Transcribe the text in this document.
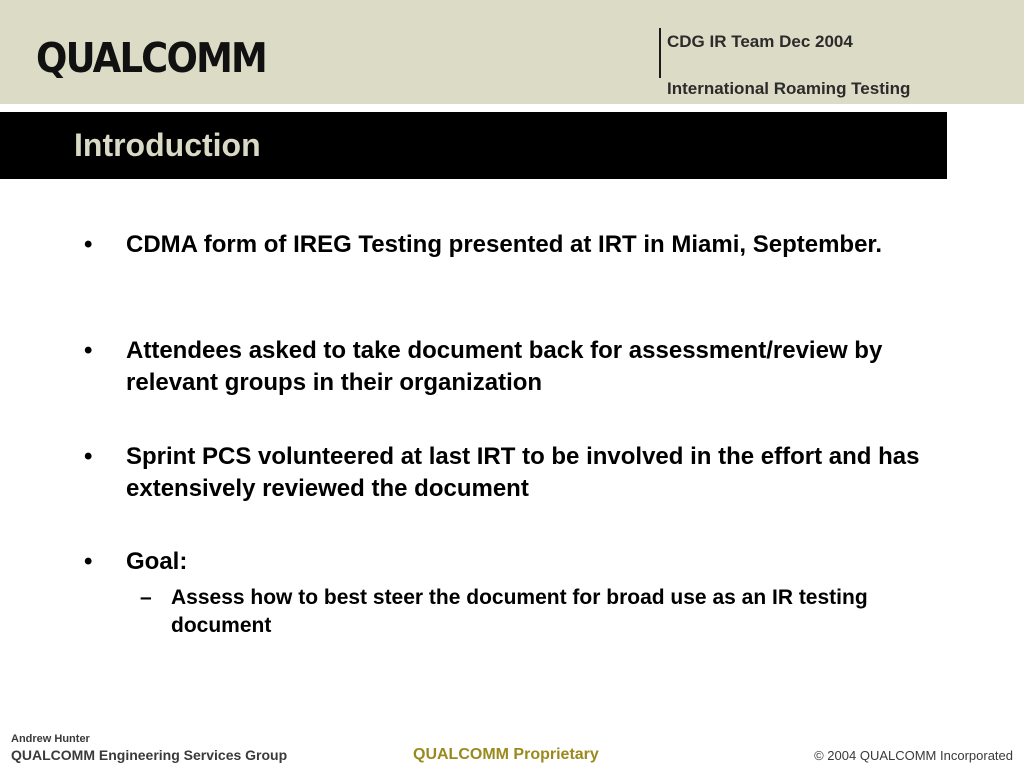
QUALCOMM	CDG IR Team Dec 2004
International Roaming Testing
Introduction
•	CDMA form of IREG Testing presented at IRT in Miami, September.
•	Attendees asked to take document back for assessment/review by relevant groups in their organization
•	Sprint PCS volunteered at last IRT to be involved in the effort and has extensively reviewed the document
•	Goal:
– Assess how to best steer the document for broad use as an IR testing document
Andrew Hunter
QUALCOMM Engineering Services Group	QUALCOMM Proprietary	© 2004 QUALCOMM Incorporated
